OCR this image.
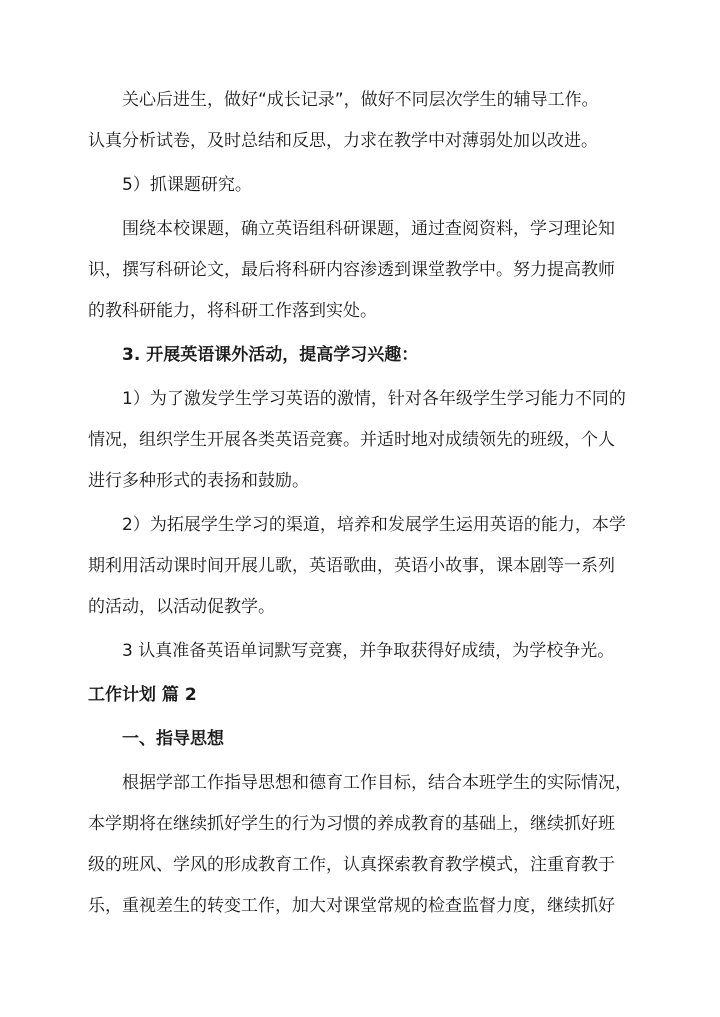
关心后进生，做好“成长记录”，做好不同层次学生的辅导工作。
认真分析试卷，及时总结和反思，力求在教学中对薄弱处加以改进。
5）抓课题研究。
围绕本校课题，确立英语组科研课题，通过查阅资料，学习理论知
识，撰写科研论文，最后将科研内容渗透到课堂教学中。努力提高教师
的教科研能力，将科研工作落到实处。
3. 开展英语课外活动，提高学习兴趣：
1）为了激发学生学习英语的激情，针对各年级学生学习能力不同的
情况，组织学生开展各类英语竞赛。并适时地对成绩领先的班级，个人
进行多种形式的表扬和鼓励。
2）为拓展学生学习的渠道，培养和发展学生运用英语的能力，本学
期利用活动课时间开展儿歌，英语歌曲，英语小故事，课本剧等一系列
的活动，以活动促教学。
3 认真准备英语单词默写竞赛，并争取获得好成绩，为学校争光。
工作计划 篇 2
一、指导思想
根据学部工作指导思想和德育工作目标，结合本班学生的实际情况，
本学期将在继续抓好学生的行为习惯的养成教育的基础上，继续抓好班
级的班风、学风的形成教育工作，认真探索教育教学模式，注重育教于
乐，重视差生的转变工作，加大对课堂常规的检查监督力度，继续抓好
